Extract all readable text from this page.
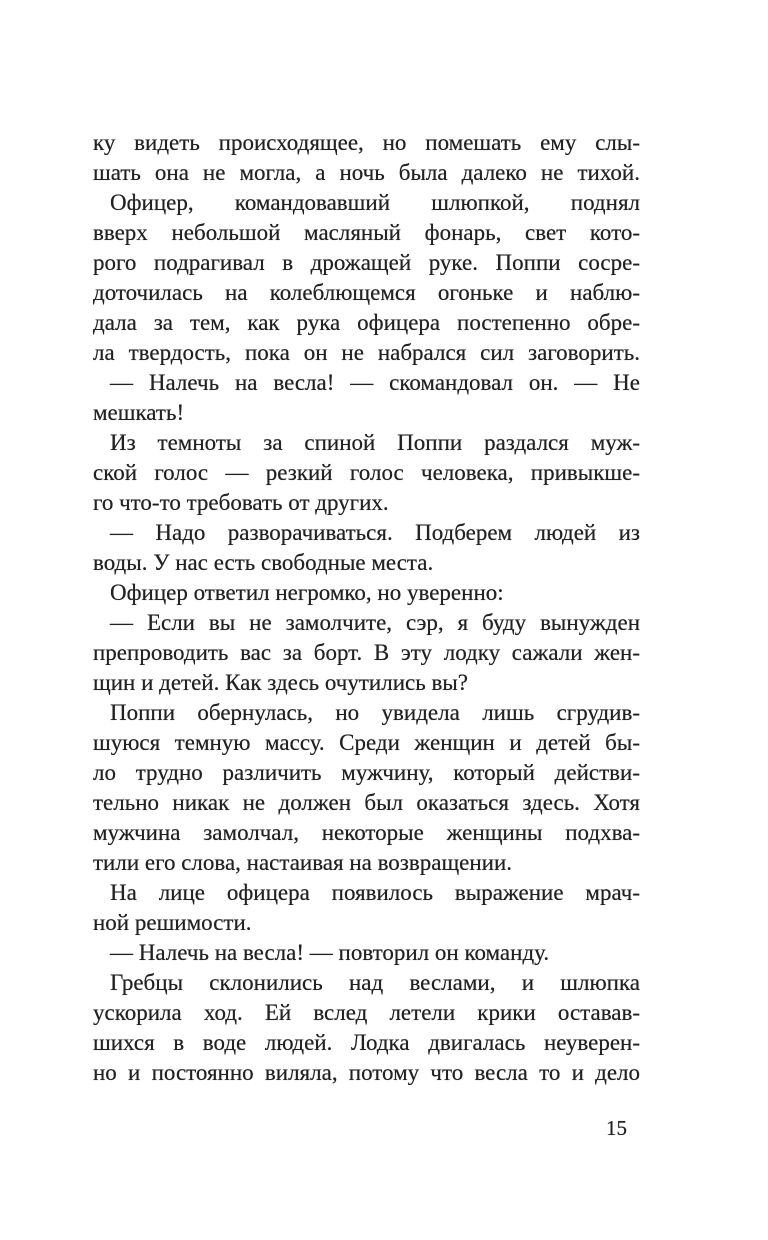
ку видеть происходящее, но помешать ему слы-
шать она не могла, а ночь была далеко не тихой.
Офицер, командовавший шлюпкой, поднял
вверх небольшой масляный фонарь, свет кото-
рого подрагивал в дрожащей руке. Поппи сосре-
доточилась на колеблющемся огоньке и наблю-
дала за тем, как рука офицера постепенно обре-
ла твердость, пока он не набрался сил заговорить.
— Налечь на весла! — скомандовал он. — Не
мешкать!
Из темноты за спиной Поппи раздался муж-
ской голос — резкий голос человека, привыкше-
го что-то требовать от других.
— Надо разворачиваться. Подберем людей из
воды. У нас есть свободные места.
Офицер ответил негромко, но уверенно:
— Если вы не замолчите, сэр, я буду вынужден
препроводить вас за борт. В эту лодку сажали жен-
щин и детей. Как здесь очутились вы?
Поппи обернулась, но увидела лишь сгрудив-
шуюся темную массу. Среди женщин и детей бы-
ло трудно различить мужчину, который действи-
тельно никак не должен был оказаться здесь. Хотя
мужчина замолчал, некоторые женщины подхва-
тили его слова, настаивая на возвращении.
На лице офицера появилось выражение мрач-
ной решимости.
— Налечь на весла! — повторил он команду.
Гребцы склонились над веслами, и шлюпка
ускорила ход. Ей вслед летели крики оставав-
шихся в воде людей. Лодка двигалась неуверен-
но и постоянно виляла, потому что весла то и дело
15
